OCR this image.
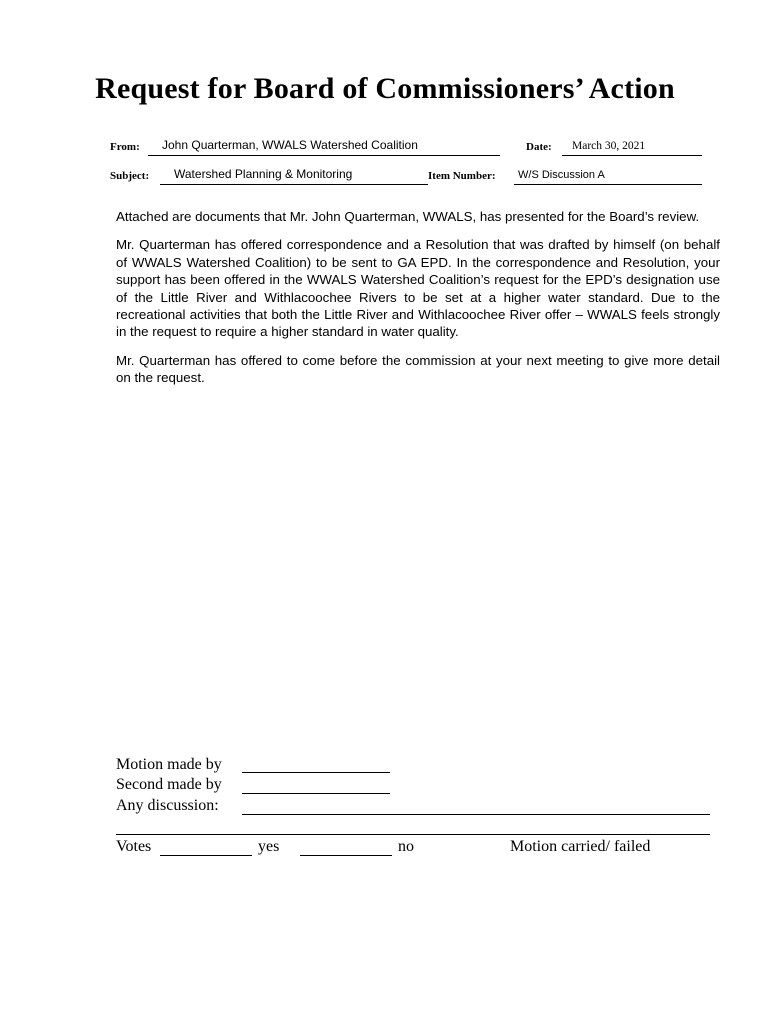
Request for Board of Commissioners’ Action
From: John Quarterman, WWALS Watershed Coalition	Date: March 30, 2021
Subject: Watershed Planning & Monitoring	Item Number: W/S Discussion A

Attached are documents that Mr. John Quarterman, WWALS, has presented for the Board’s review.

Mr. Quarterman has offered correspondence and a Resolution that was drafted by himself (on behalf of WWALS Watershed Coalition) to be sent to GA EPD. In the correspondence and Resolution, your support has been offered in the WWALS Watershed Coalition’s request for the EPD’s designation use of the Little River and Withlacoochee Rivers to be set at a higher water standard. Due to the recreational activities that both the Little River and Withlacoochee River offer – WWALS feels strongly in the request to require a higher standard in water quality.

Mr. Quarterman has offered to come before the commission at your next meeting to give more detail on the request.

Motion made by
Second made by
Any discussion:
Votes	yes	no	Motion carried/ failed
